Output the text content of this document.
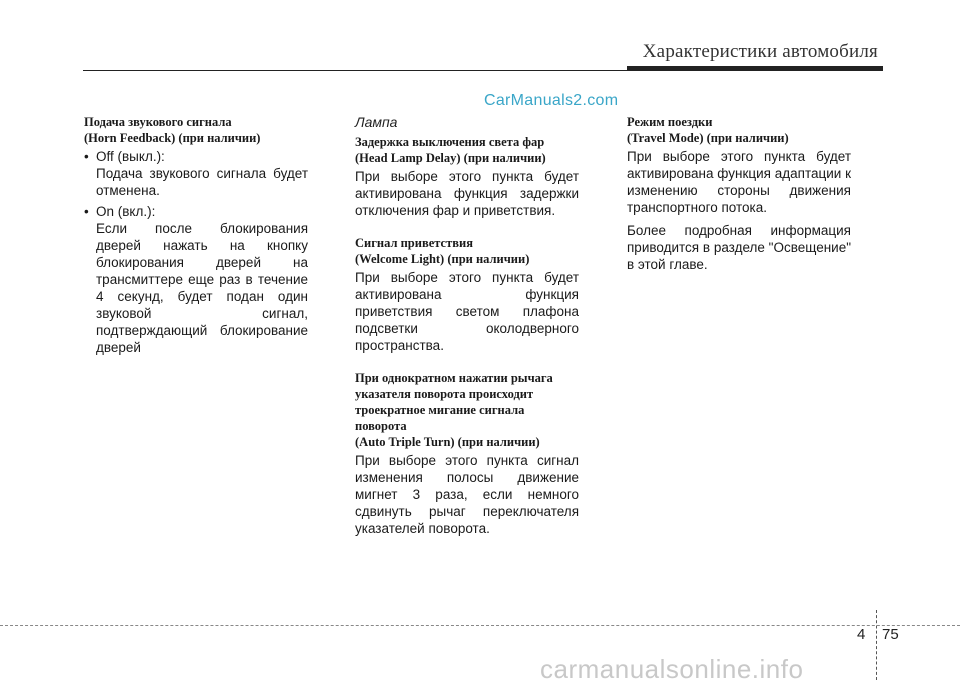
Характеристики автомобиля
CarManuals2.com
Подача звукового сигнала
(Horn Feedback) (при наличии)
• Off (выкл.):
Подача звукового сигнала будет отменена.
• On (вкл.):
Если после блокирования дверей нажать на кнопку блокирования дверей на трансмиттере еще раз в течение 4 секунд, будет подан один звуковой сигнал, подтверждающий блокирование дверей
Лампа
Задержка выключения света фар
(Head Lamp Delay) (при наличии)
При выборе этого пункта будет активирована функция задержки отключения фар и приветствия.
Сигнал приветствия
(Welcome Light) (при наличии)
При выборе этого пункта будет активирована функция приветствия светом плафона подсветки околодверного пространства.
При однократном нажатии рычага
указателя поворота происходит
троекратное мигание сигнала поворота
(Auto Triple Turn) (при наличии)
При выборе этого пункта сигнал изменения полосы движение мигнет 3 раза, если немного сдвинуть рычаг переключателя указателей поворота.
Режим поездки
(Travel Mode) (при наличии)
При выборе этого пункта будет активирована функция адаптации к изменению стороны движения транспортного потока.
Более подробная информация приводится в разделе "Освещение" в этой главе.
4 75
carmanualsonline.info
